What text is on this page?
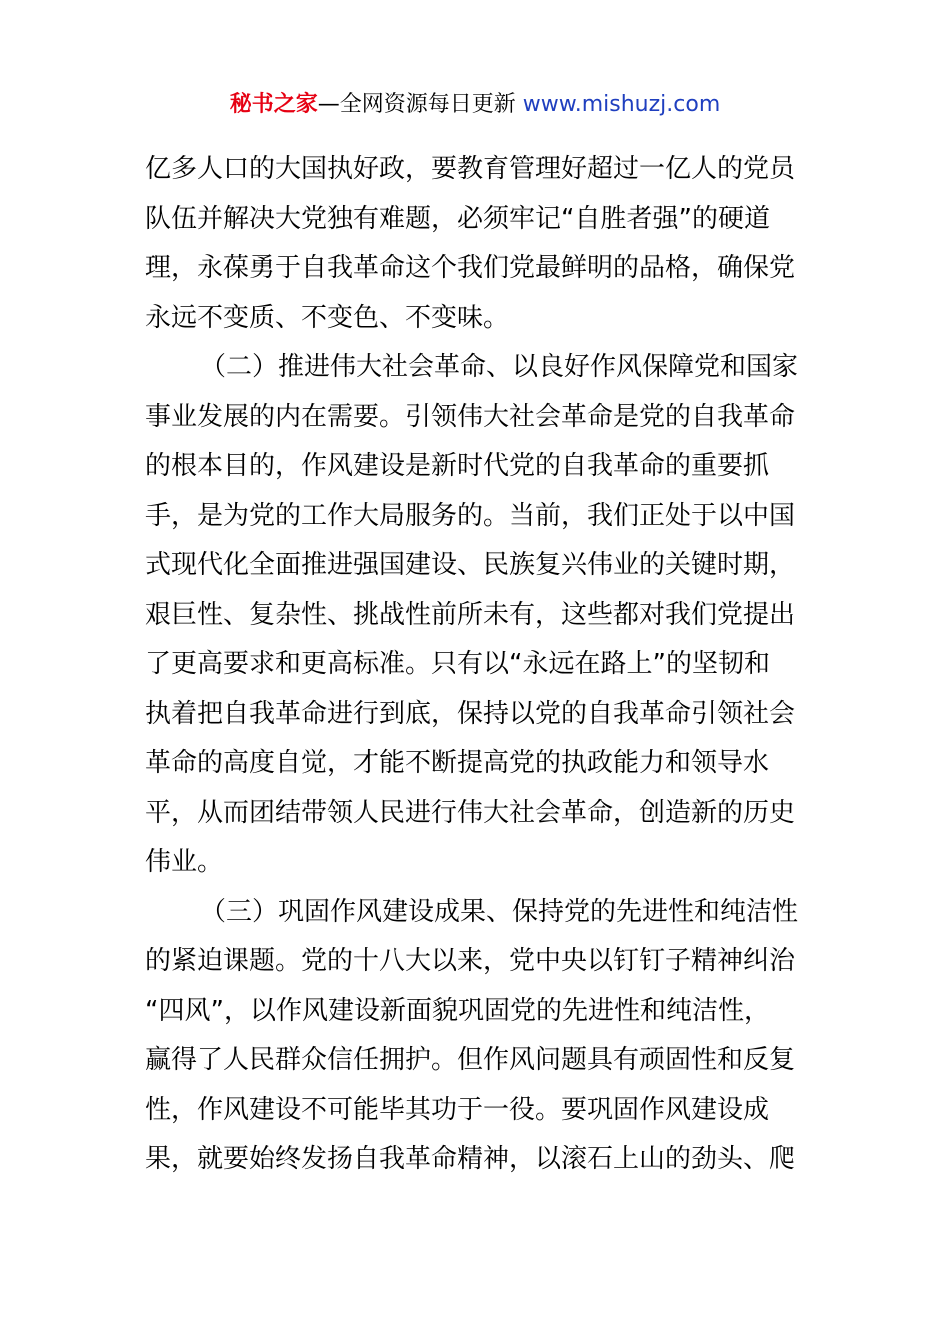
秘书之家—全网资源每日更新 www.mishuzj.com
亿多人口的大国执好政，要教育管理好超过一亿人的党员
队伍并解决大党独有难题，必须牢记“自胜者强”的硬道
理，永葆勇于自我革命这个我们党最鲜明的品格，确保党
永远不变质、不变色、不变味。
（二）推进伟大社会革命、以良好作风保障党和国家
事业发展的内在需要。引领伟大社会革命是党的自我革命
的根本目的，作风建设是新时代党的自我革命的重要抓
手，是为党的工作大局服务的。当前，我们正处于以中国
式现代化全面推进强国建设、民族复兴伟业的关键时期，
艰巨性、复杂性、挑战性前所未有，这些都对我们党提出
了更高要求和更高标准。只有以“永远在路上”的坚韧和
执着把自我革命进行到底，保持以党的自我革命引领社会
革命的高度自觉，才能不断提高党的执政能力和领导水
平，从而团结带领人民进行伟大社会革命，创造新的历史
伟业。
（三）巩固作风建设成果、保持党的先进性和纯洁性
的紧迫课题。党的十八大以来，党中央以钉钉子精神纠治
“四风”，以作风建设新面貌巩固党的先进性和纯洁性，
赢得了人民群众信任拥护。但作风问题具有顽固性和反复
性，作风建设不可能毕其功于一役。要巩固作风建设成
果，就要始终发扬自我革命精神，以滚石上山的劲头、爬
